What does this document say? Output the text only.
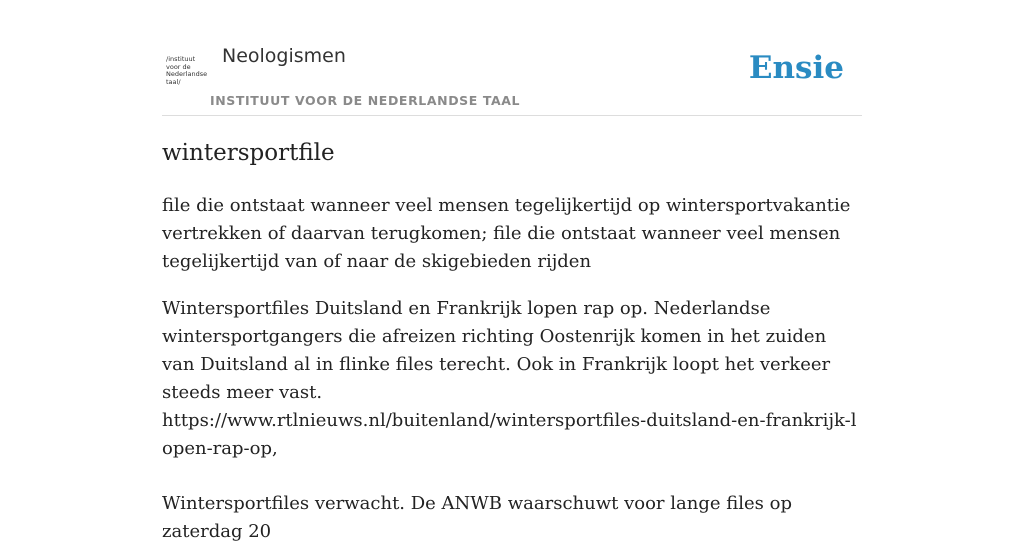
/instituut
voor de
Nederlandse
taal/
Neologismen
INSTITUUT VOOR DE NEDERLANDSE TAAL
Ensie
wintersportfile

file die ontstaat wanneer veel mensen tegelijkertijd op wintersportvakantie vertrekken of daarvan terugkomen; file die ontstaat wanneer veel mensen tegelijkertijd van of naar de skigebieden rijden

Wintersportfiles Duitsland en Frankrijk lopen rap op. Nederlandse wintersportgangers die afreizen richting Oostenrijk komen in het zuiden van Duitsland al in flinke files terecht. Ook in Frankrijk loopt het verkeer steeds meer vast.
https://www.rtlnieuws.nl/buitenland/wintersportfiles-duitsland-en-frankrijk-lopen-rap-op,
Wintersportfiles verwacht. De ANWB waarschuwt voor lange files op zaterdag 20
